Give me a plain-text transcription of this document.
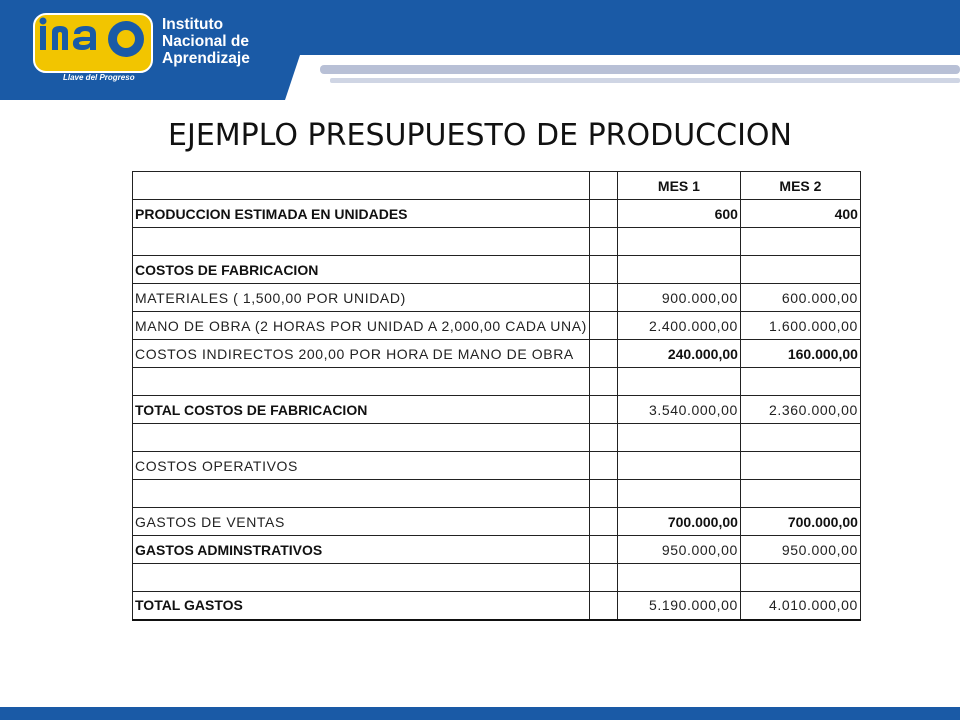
Llave del Progreso
Instituto
Nacional de
Aprendizaje
EJEMPLO PRESUPUESTO DE PRODUCCION
		MES 1	MES 2
PRODUCCION ESTIMADA EN UNIDADES		600	400

COSTOS DE FABRICACION			
MATERIALES ( 1,500,00 POR UNIDAD)		900.000,00	600.000,00
MANO DE OBRA (2 HORAS POR UNIDAD A 2,000,00 CADA UNA)		2.400.000,00	1.600.000,00
COSTOS INDIRECTOS 200,00 POR HORA DE MANO DE OBRA		240.000,00	160.000,00

TOTAL COSTOS DE FABRICACION		3.540.000,00	2.360.000,00

COSTOS OPERATIVOS			

GASTOS DE VENTAS		700.000,00	700.000,00
GASTOS ADMINSTRATIVOS		950.000,00	950.000,00

TOTAL GASTOS		5.190.000,00	4.010.000,00
